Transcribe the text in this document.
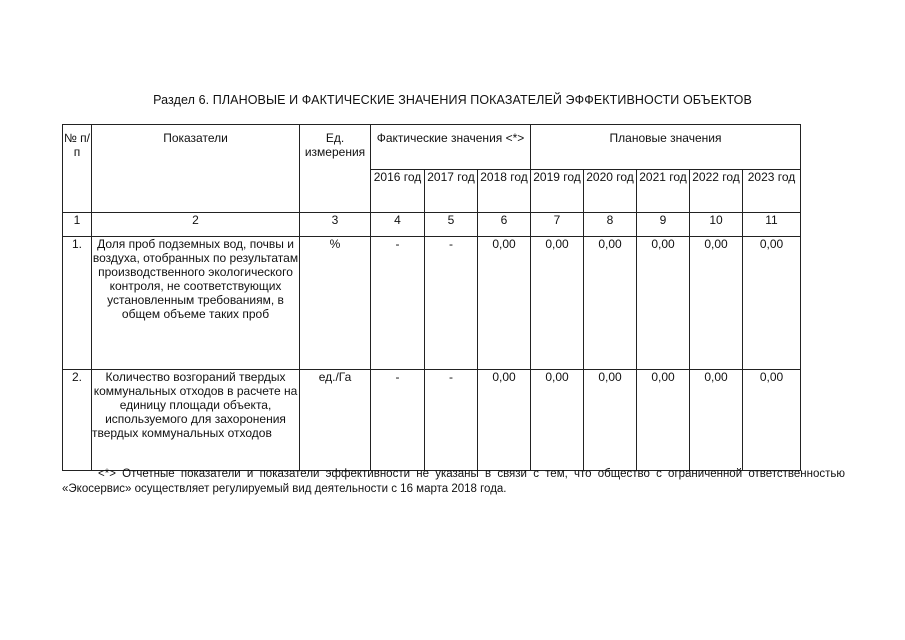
Раздел 6. ПЛАНОВЫЕ И ФАКТИЧЕСКИЕ ЗНАЧЕНИЯ ПОКАЗАТЕЛЕЙ ЭФФЕКТИВНОСТИ ОБЪЕКТОВ
№ п/п	Показатели	Ед. измерения	Фактические значения <*>			Плановые значения				
			2016 год	2017 год	2018 год	2019 год	2020 год	2021 год	2022 год	2023 год
1	2	3	4	5	6	7	8	9	10	11
1.	Доля проб подземных вод, почвы и воздуха, отобранных по результатам производственного экологического контроля, не соответствующих установленным требованиям, в общем объеме таких проб	%	-	-	0,00	0,00	0,00	0,00	0,00	0,00
2.	Количество возгораний твердых коммунальных отходов в расчете на единицу площади объекта, используемого для захоронения твердых коммунальных отходов	ед./Га	-	-	0,00	0,00	0,00	0,00	0,00	0,00
<*> Отчетные показатели и показатели эффективности не указаны в связи с тем, что общество с ограниченной ответственностью «Экосервис» осуществляет регулируемый вид деятельности с 16 марта 2018 года.
